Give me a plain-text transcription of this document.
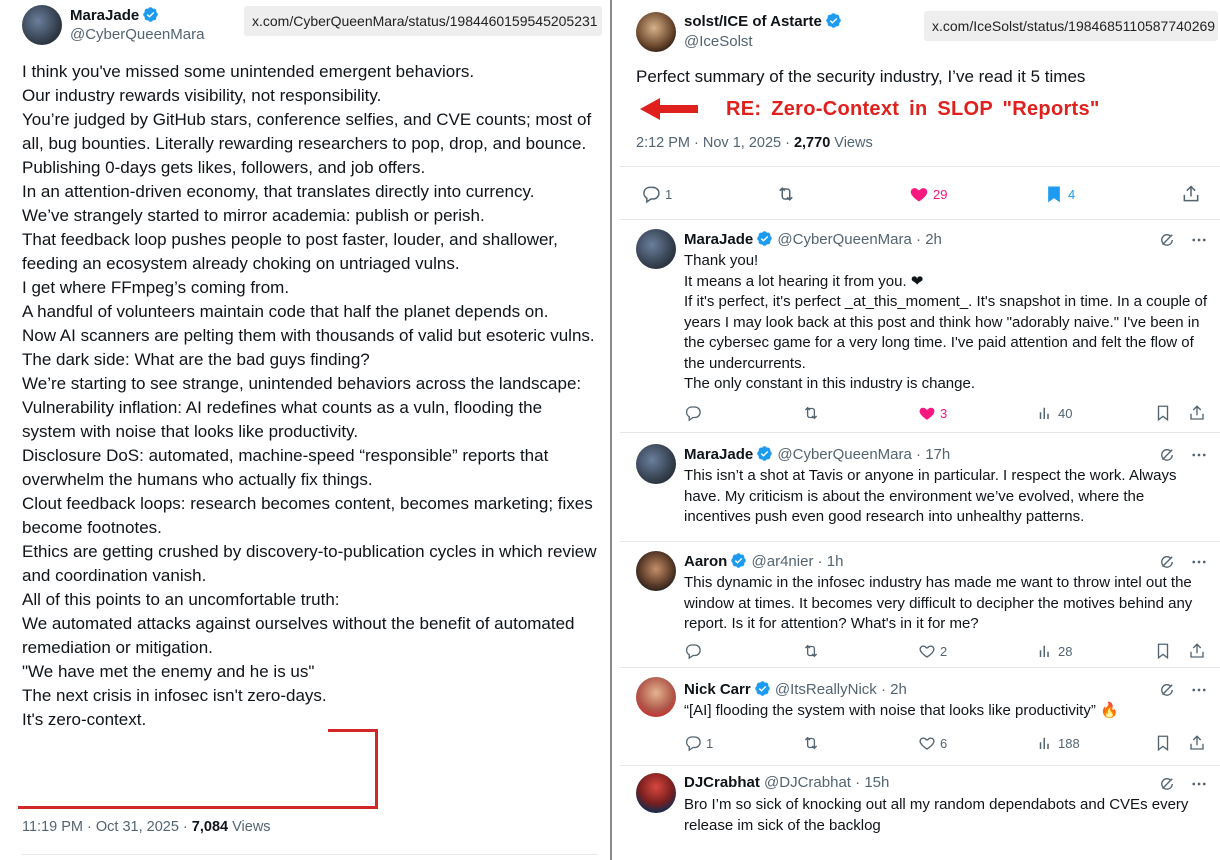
MaraJade
@CyberQueenMara
x.com/CyberQueenMara/status/1984460159545205231
I think you've missed some unintended emergent behaviors.
Our industry rewards visibility, not responsibility.
You’re judged by GitHub stars, conference selfies, and CVE counts; most of all, bug bounties. Literally rewarding researchers to pop, drop, and bounce.
Publishing 0-days gets likes, followers, and job offers.
In an attention-driven economy, that translates directly into currency.
We’ve strangely started to mirror academia: publish or perish.
That feedback loop pushes people to post faster, louder, and shallower, feeding an ecosystem already choking on untriaged vulns.
I get where FFmpeg’s coming from.
A handful of volunteers maintain code that half the planet depends on.
Now AI scanners are pelting them with thousands of valid but esoteric vulns.
The dark side: What are the bad guys finding?
We’re starting to see strange, unintended behaviors across the landscape:
Vulnerability inflation: AI redefines what counts as a vuln, flooding the system with noise that looks like productivity.
Disclosure DoS: automated, machine-speed “responsible” reports that overwhelm the humans who actually fix things.
Clout feedback loops: research becomes content, becomes marketing; fixes become footnotes.
Ethics are getting crushed by discovery-to-publication cycles in which review and coordination vanish.
All of this points to an uncomfortable truth:
We automated attacks against ourselves without the benefit of automated remediation or mitigation.
"We have met the enemy and he is us"
The next crisis in infosec isn't zero-days.
It's zero-context.
11:19 PM · Oct 31, 2025 · 7,084 Views
solst/ICE of Astarte
@IceSolst
x.com/IceSolst/status/1984685110587740269
Perfect summary of the security industry, I’ve read it 5 times
RE: Zero-Context in SLOP "Reports"
2:12 PM · Nov 1, 2025 · 2,770 Views
1	29	4
MaraJade @CyberQueenMara · 2h
Thank you!
It means a lot hearing it from you. ❤
If it's perfect, it's perfect _at_this_moment_. It's snapshot in time. In a couple of years I may look back at this post and think how "adorably naive." I've been in the cybersec game for a very long time. I've paid attention and felt the flow of the undercurrents.
The only constant in this industry is change.
3	40
MaraJade @CyberQueenMara · 17h
This isn’t a shot at Tavis or anyone in particular. I respect the work. Always have. My criticism is about the environment we’ve evolved, where the incentives push even good research into unhealthy patterns.
Aaron @ar4nier · 1h
This dynamic in the infosec industry has made me want to throw intel out the window at times. It becomes very difficult to decipher the motives behind any report. Is it for attention? What's in it for me?
2	28
Nick Carr @ItsReallyNick · 2h
“[AI] flooding the system with noise that looks like productivity” 🔥
1	6	188
DJCrabhat @DJCrabhat · 15h
Bro I’m so sick of knocking out all my random dependabots and CVEs every release im sick of the backlog
